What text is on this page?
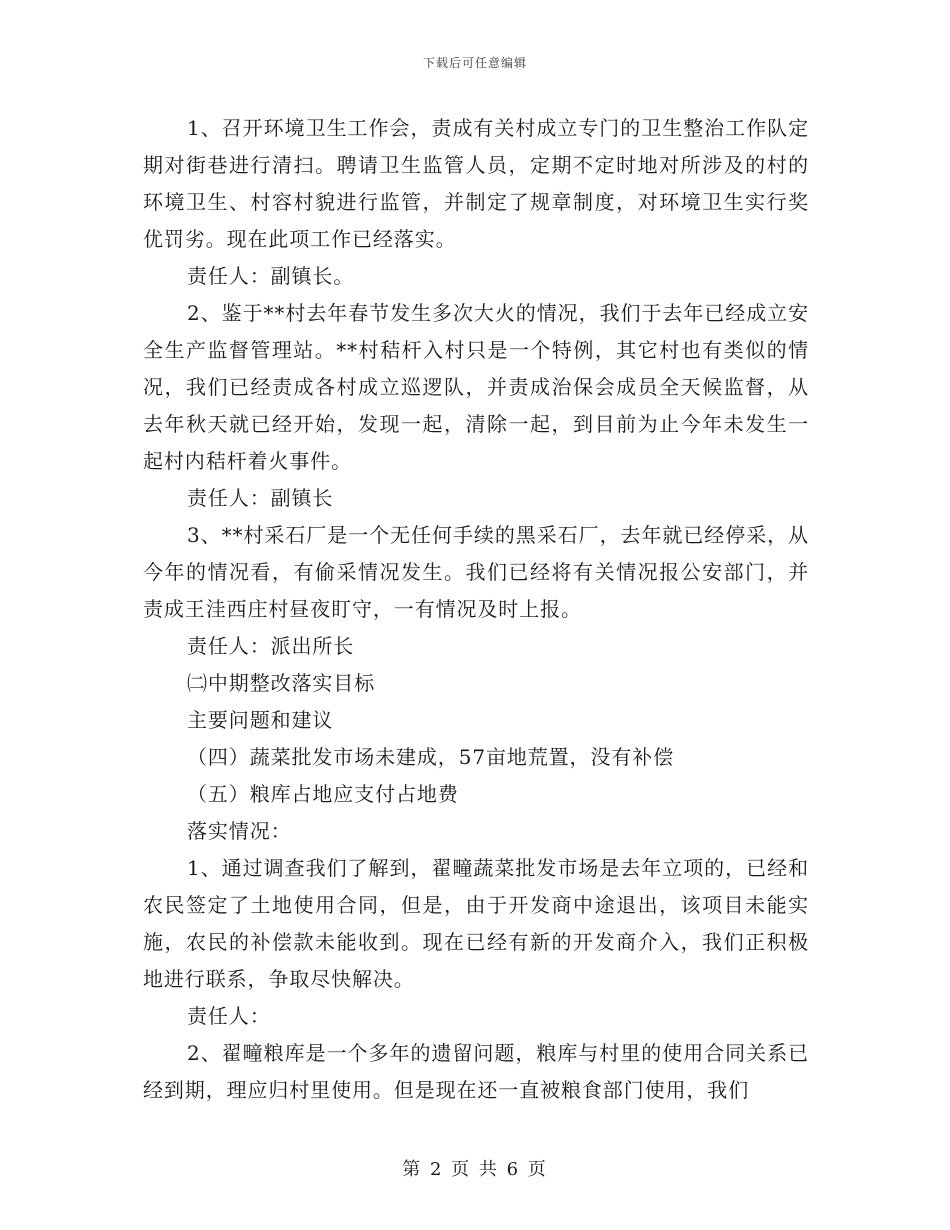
下载后可任意编辑

1、召开环境卫生工作会，责成有关村成立专门的卫生整治工作队定期对街巷进行清扫。聘请卫生监管人员，定期不定时地对所涉及的村的环境卫生、村容村貌进行监管，并制定了规章制度，对环境卫生实行奖优罚劣。现在此项工作已经落实。

责任人：副镇长。

2、鉴于**村去年春节发生多次大火的情况，我们于去年已经成立安全生产监督管理站。**村秸杆入村只是一个特例，其它村也有类似的情况，我们已经责成各村成立巡逻队，并责成治保会成员全天候监督，从去年秋天就已经开始，发现一起，清除一起，到目前为止今年未发生一起村内秸杆着火事件。

责任人：副镇长

3、**村采石厂是一个无任何手续的黑采石厂，去年就已经停采，从今年的情况看，有偷采情况发生。我们已经将有关情况报公安部门，并责成王洼西庄村昼夜盯守，一有情况及时上报。

责任人：派出所长

㈡中期整改落实目标

主要问题和建议

（四）蔬菜批发市场未建成，57亩地荒置，没有补偿

（五）粮库占地应支付占地费

落实情况：

1、通过调查我们了解到，翟疃蔬菜批发市场是去年立项的，已经和农民签定了土地使用合同，但是，由于开发商中途退出，该项目未能实施，农民的补偿款未能收到。现在已经有新的开发商介入，我们正积极地进行联系，争取尽快解决。

责任人：

2、翟疃粮库是一个多年的遗留问题，粮库与村里的使用合同关系已经到期，理应归村里使用。但是现在还一直被粮食部门使用，我们

第 2 页 共 6 页
